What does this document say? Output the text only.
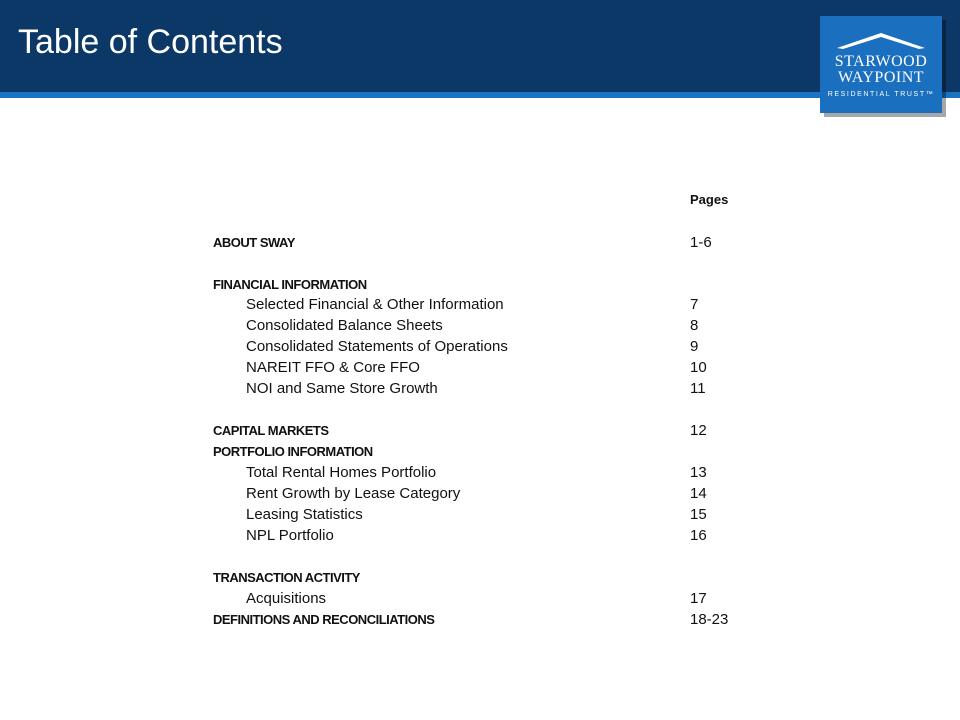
Table of Contents
STARWOOD
WAYPOINT
RESIDENTIAL TRUST™
Pages
ABOUT SWAY	1-6
FINANCIAL INFORMATION
Selected Financial & Other Information	7
Consolidated Balance Sheets	8
Consolidated Statements of Operations	9
NAREIT FFO & Core FFO	10
NOI and Same Store Growth	11
CAPITAL MARKETS	12
PORTFOLIO INFORMATION
Total Rental Homes Portfolio	13
Rent Growth by Lease Category	14
Leasing Statistics	15
NPL Portfolio	16
TRANSACTION ACTIVITY
Acquisitions	17
DEFINITIONS AND RECONCILIATIONS	18-23
